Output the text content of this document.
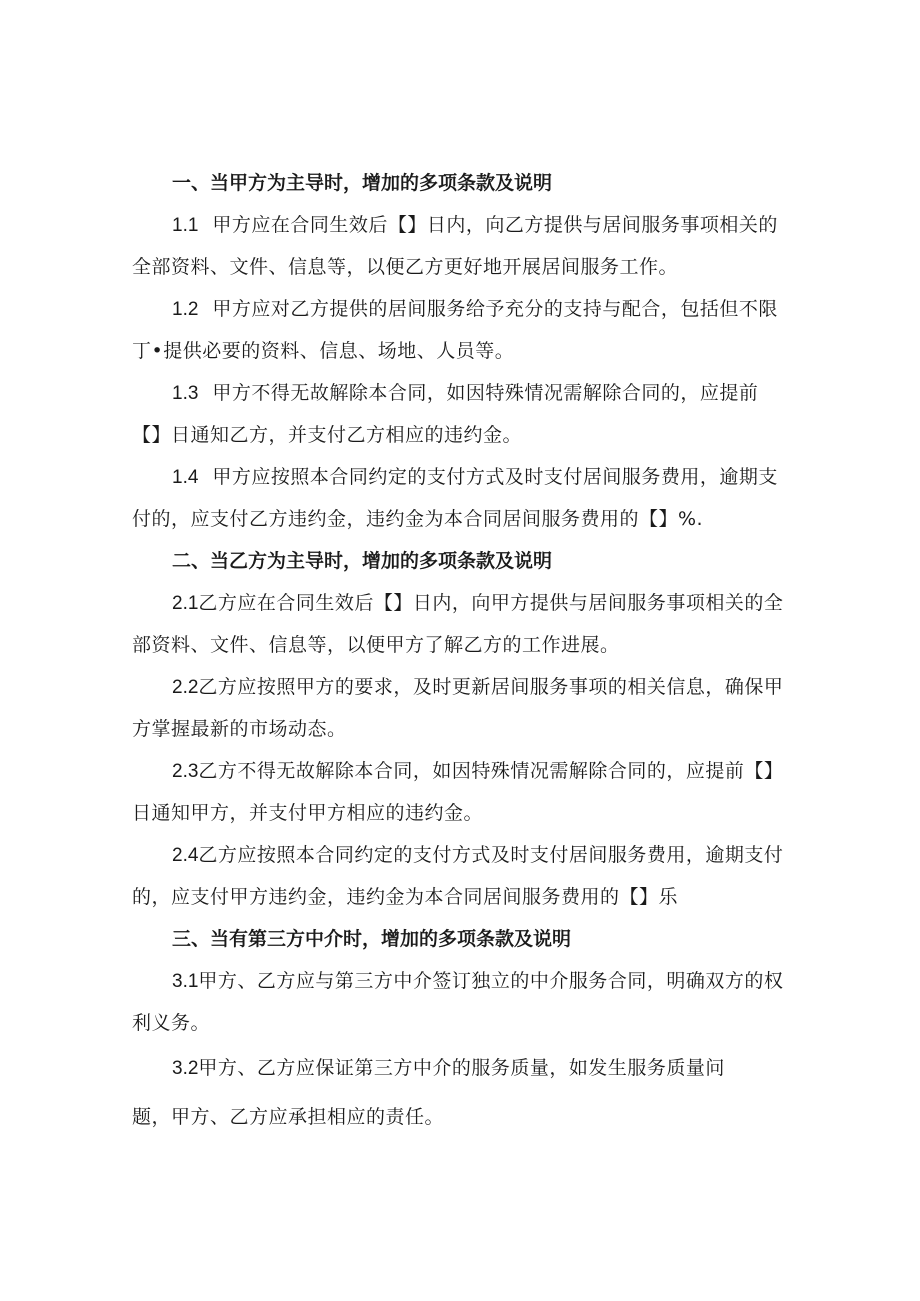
一、当甲方为主导时，增加的多项条款及说明
1.1 甲方应在合同生效后【】日内，向乙方提供与居间服务事项相关的
全部资料、文件、信息等，以便乙方更好地开展居间服务工作。
1.2 甲方应对乙方提供的居间服务给予充分的支持与配合，包括但不限
丁•提供必要的资料、信息、场地、人员等。
1.3 甲方不得无故解除本合同，如因特殊情况需解除合同的，应提前
【】日通知乙方，并支付乙方相应的违约金。
1.4 甲方应按照本合同约定的支付方式及时支付居间服务费用，逾期支
付的，应支付乙方违约金，违约金为本合同居间服务费用的【】%.
二、当乙方为主导时，增加的多项条款及说明
2.1乙方应在合同生效后【】日内，向甲方提供与居间服务事项相关的全
部资料、文件、信息等，以便甲方了解乙方的工作进展。
2.2乙方应按照甲方的要求，及时更新居间服务事项的相关信息，确保甲
方掌握最新的市场动态。
2.3乙方不得无故解除本合同，如因特殊情况需解除合同的，应提前【】
日通知甲方，并支付甲方相应的违约金。
2.4乙方应按照本合同约定的支付方式及时支付居间服务费用，逾期支付
的，应支付甲方违约金，违约金为本合同居间服务费用的【】乐
三、当有第三方中介时，增加的多项条款及说明
3.1甲方、乙方应与第三方中介签订独立的中介服务合同，明确双方的权
利义务。
3.2甲方、乙方应保证第三方中介的服务质量，如发生服务质量问
题，甲方、乙方应承担相应的责任。
